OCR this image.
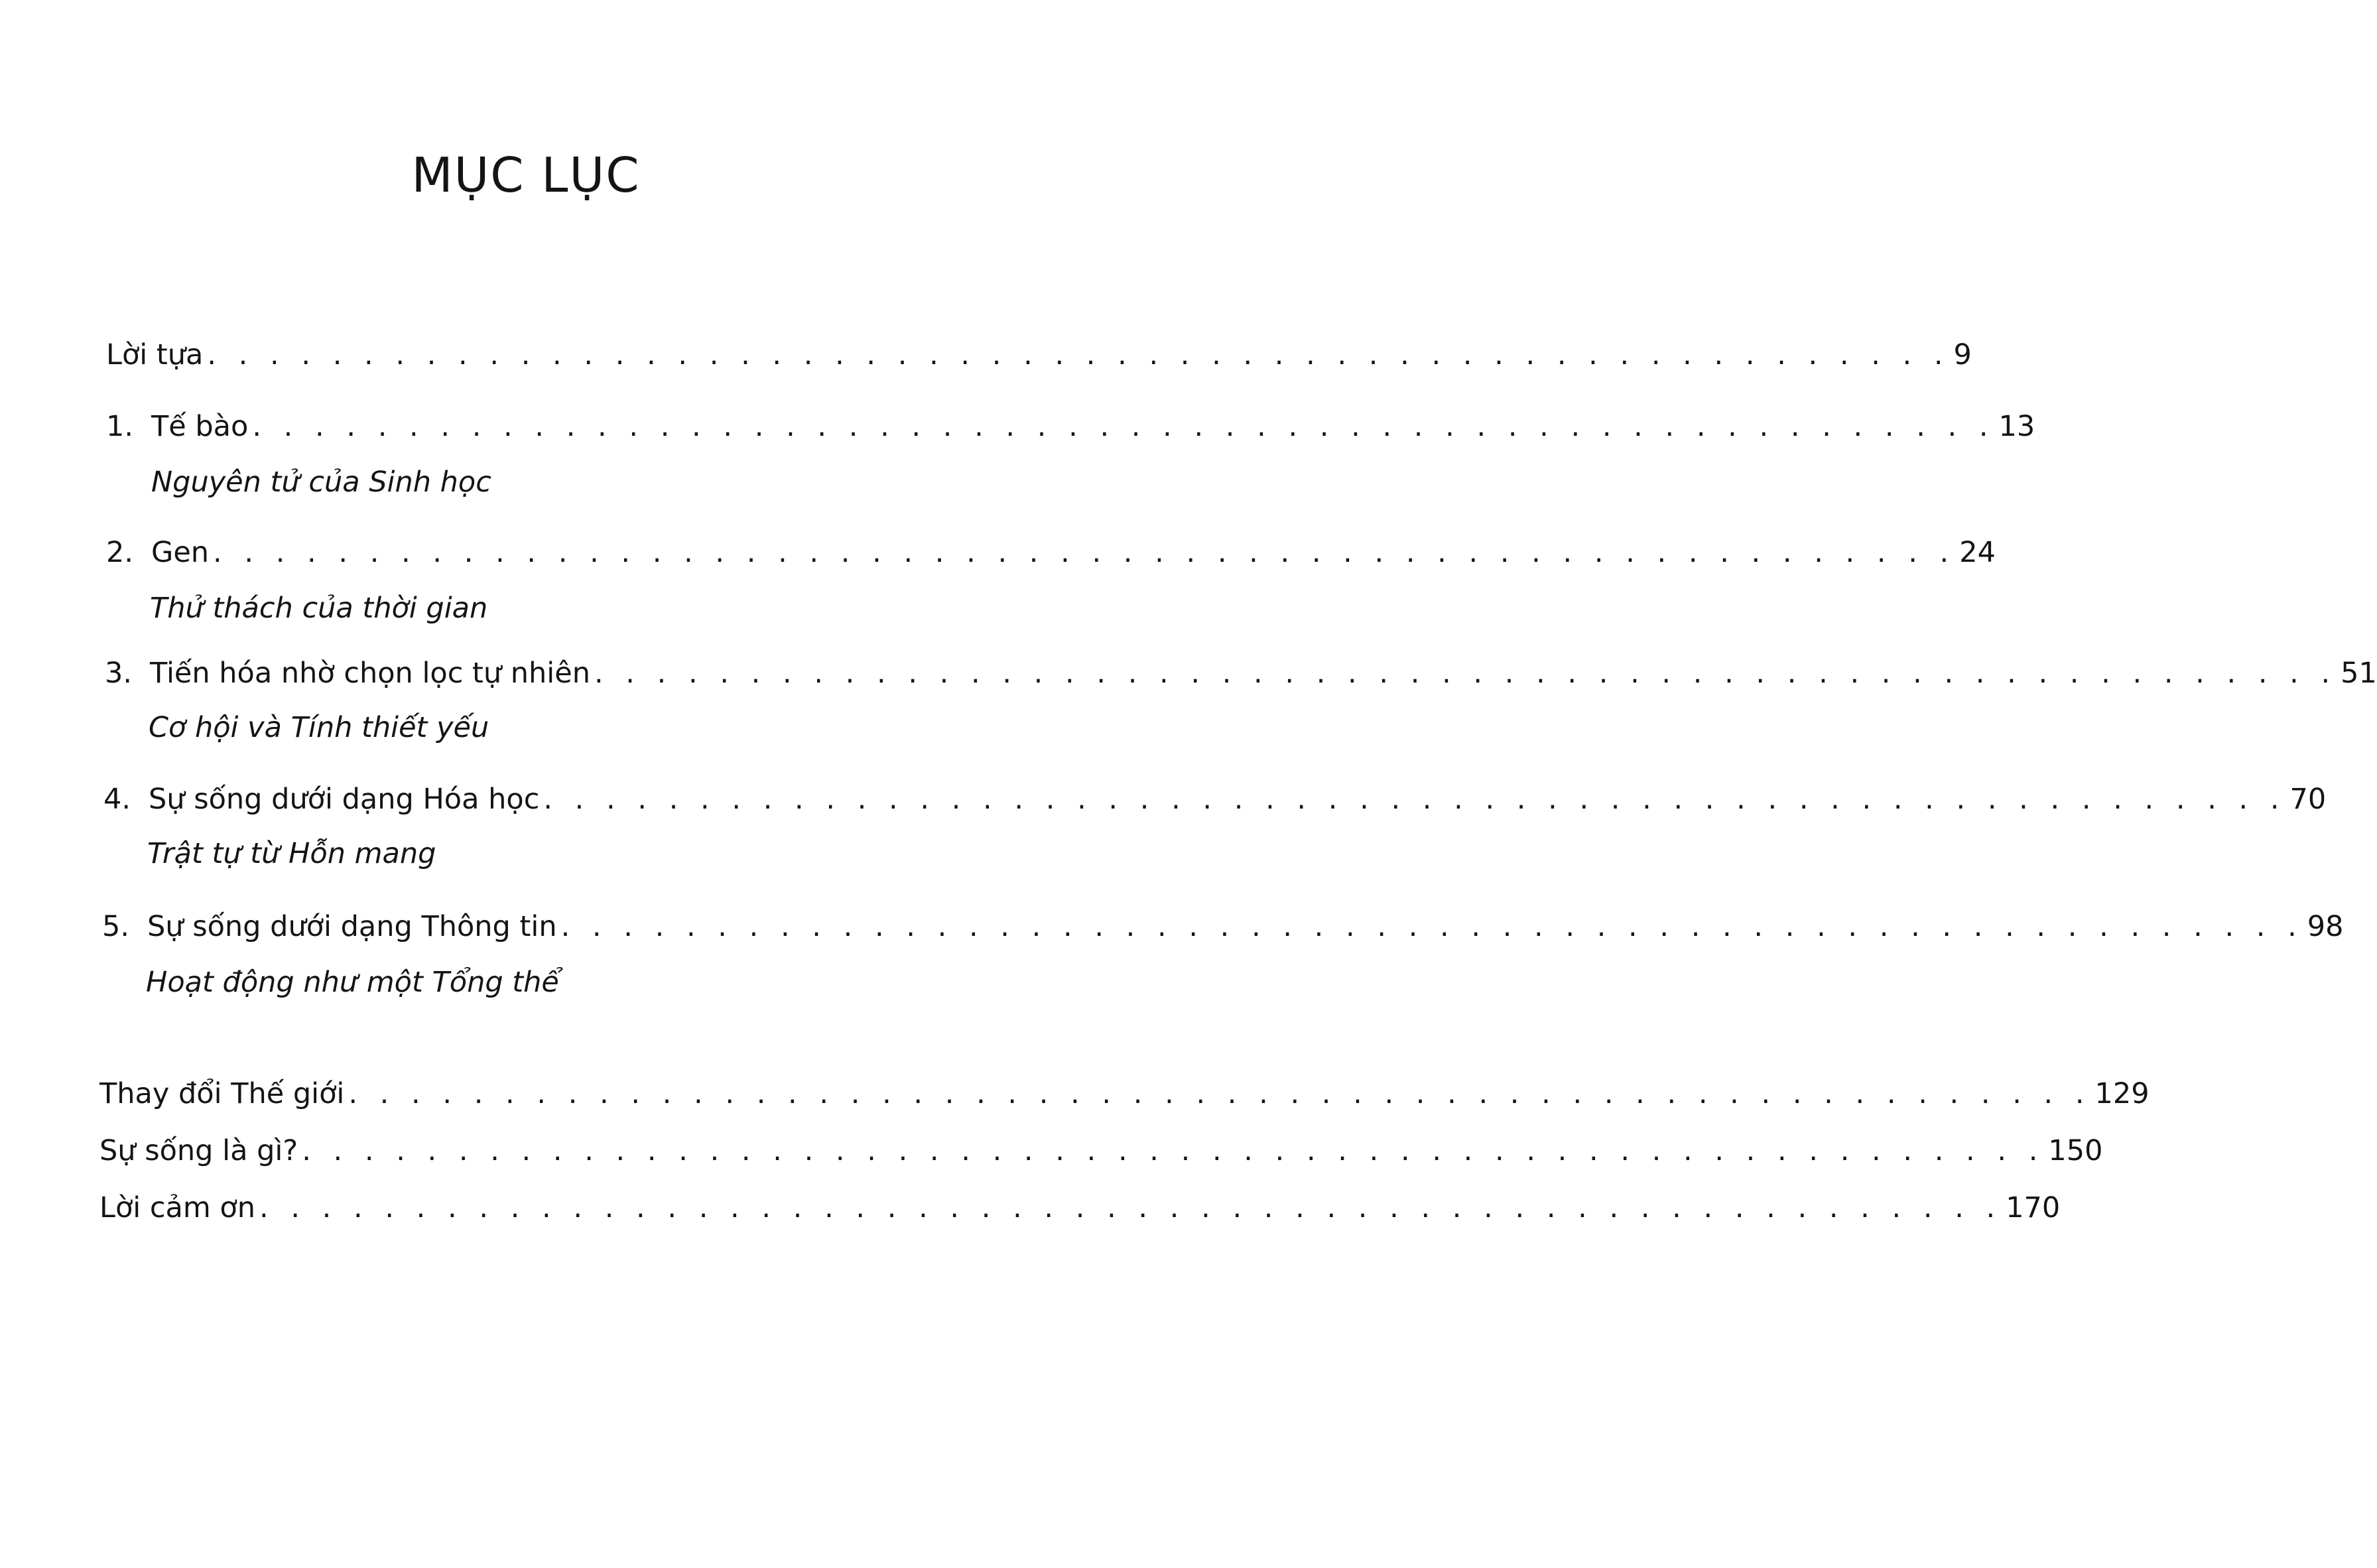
MỤC LỤC
Lời tựa . . . . . . . . . . . . . . . . . . . . . . . . . . . . . . . . . . . . . . . . . . . . . . . . . . . . . . . . 9
1. Tế bào . . . . . . . . . . . . . . . . . . . . . . . . . . . . . . . . . . . . . . . . . . . . . . . . . . . . . . . . 13
Nguyên tử của Sinh học
2. Gen . . . . . . . . . . . . . . . . . . . . . . . . . . . . . . . . . . . . . . . . . . . . . . . . . . . . . . . . 24
Thử thách của thời gian
3. Tiến hóa nhờ chọn lọc tự nhiên . . . . . . . . . . . . . . . . . . . . . . . . . . . . . . . . . . . . . . . . . . . . . . . . . . . . . . . . 51
Cơ hội và Tính thiết yếu
4. Sự sống dưới dạng Hóa học . . . . . . . . . . . . . . . . . . . . . . . . . . . . . . . . . . . . . . . . . . . . . . . . . . . . . . . . 70
Trật tự từ Hỗn mang
5. Sự sống dưới dạng Thông tin . . . . . . . . . . . . . . . . . . . . . . . . . . . . . . . . . . . . . . . . . . . . . . . . . . . . . . . . 98
Hoạt động như một Tổng thể
Thay đổi Thế giới . . . . . . . . . . . . . . . . . . . . . . . . . . . . . . . . . . . . . . . . . . . . . . . . . . . . . . . . 129
Sự sống là gì? . . . . . . . . . . . . . . . . . . . . . . . . . . . . . . . . . . . . . . . . . . . . . . . . . . . . . . . . 150
Lời cảm ơn . . . . . . . . . . . . . . . . . . . . . . . . . . . . . . . . . . . . . . . . . . . . . . . . . . . . . . . . 170
